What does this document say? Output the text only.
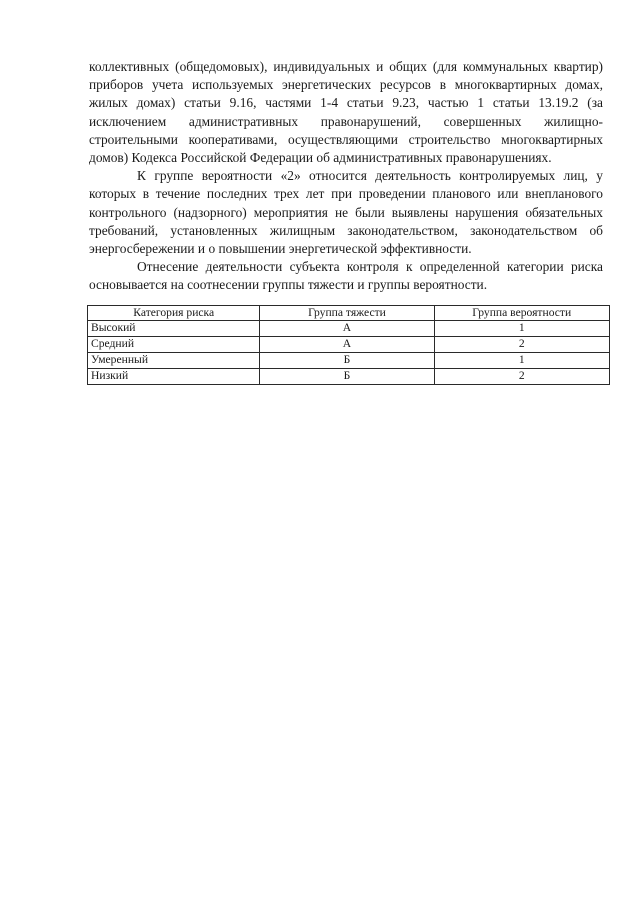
коллективных (общедомовых), индивидуальных и общих (для коммунальных квартир) приборов учета используемых энергетических ресурсов в многоквартирных домах, жилых домах) статьи 9.16, частями 1-4 статьи 9.23, частью 1 статьи 13.19.2 (за исключением административных правонарушений, совершенных жилищно-строительными кооперативами, осуществляющими строительство многоквартирных домов) Кодекса Российской Федерации об административных правонарушениях.

К группе вероятности «2» относится деятельность контролируемых лиц, у которых в течение последних трех лет при проведении планового или внепланового контрольного (надзорного) мероприятия не были выявлены нарушения обязательных требований, установленных жилищным законодательством, законодательством об энергосбережении и о повышении энергетической эффективности.

Отнесение деятельности субъекта контроля к определенной категории риска основывается на соотнесении группы тяжести и группы вероятности.

Категория риска	Группа тяжести	Группа вероятности
Высокий	А	1
Средний	А	2
Умеренный	Б	1
Низкий	Б	2
